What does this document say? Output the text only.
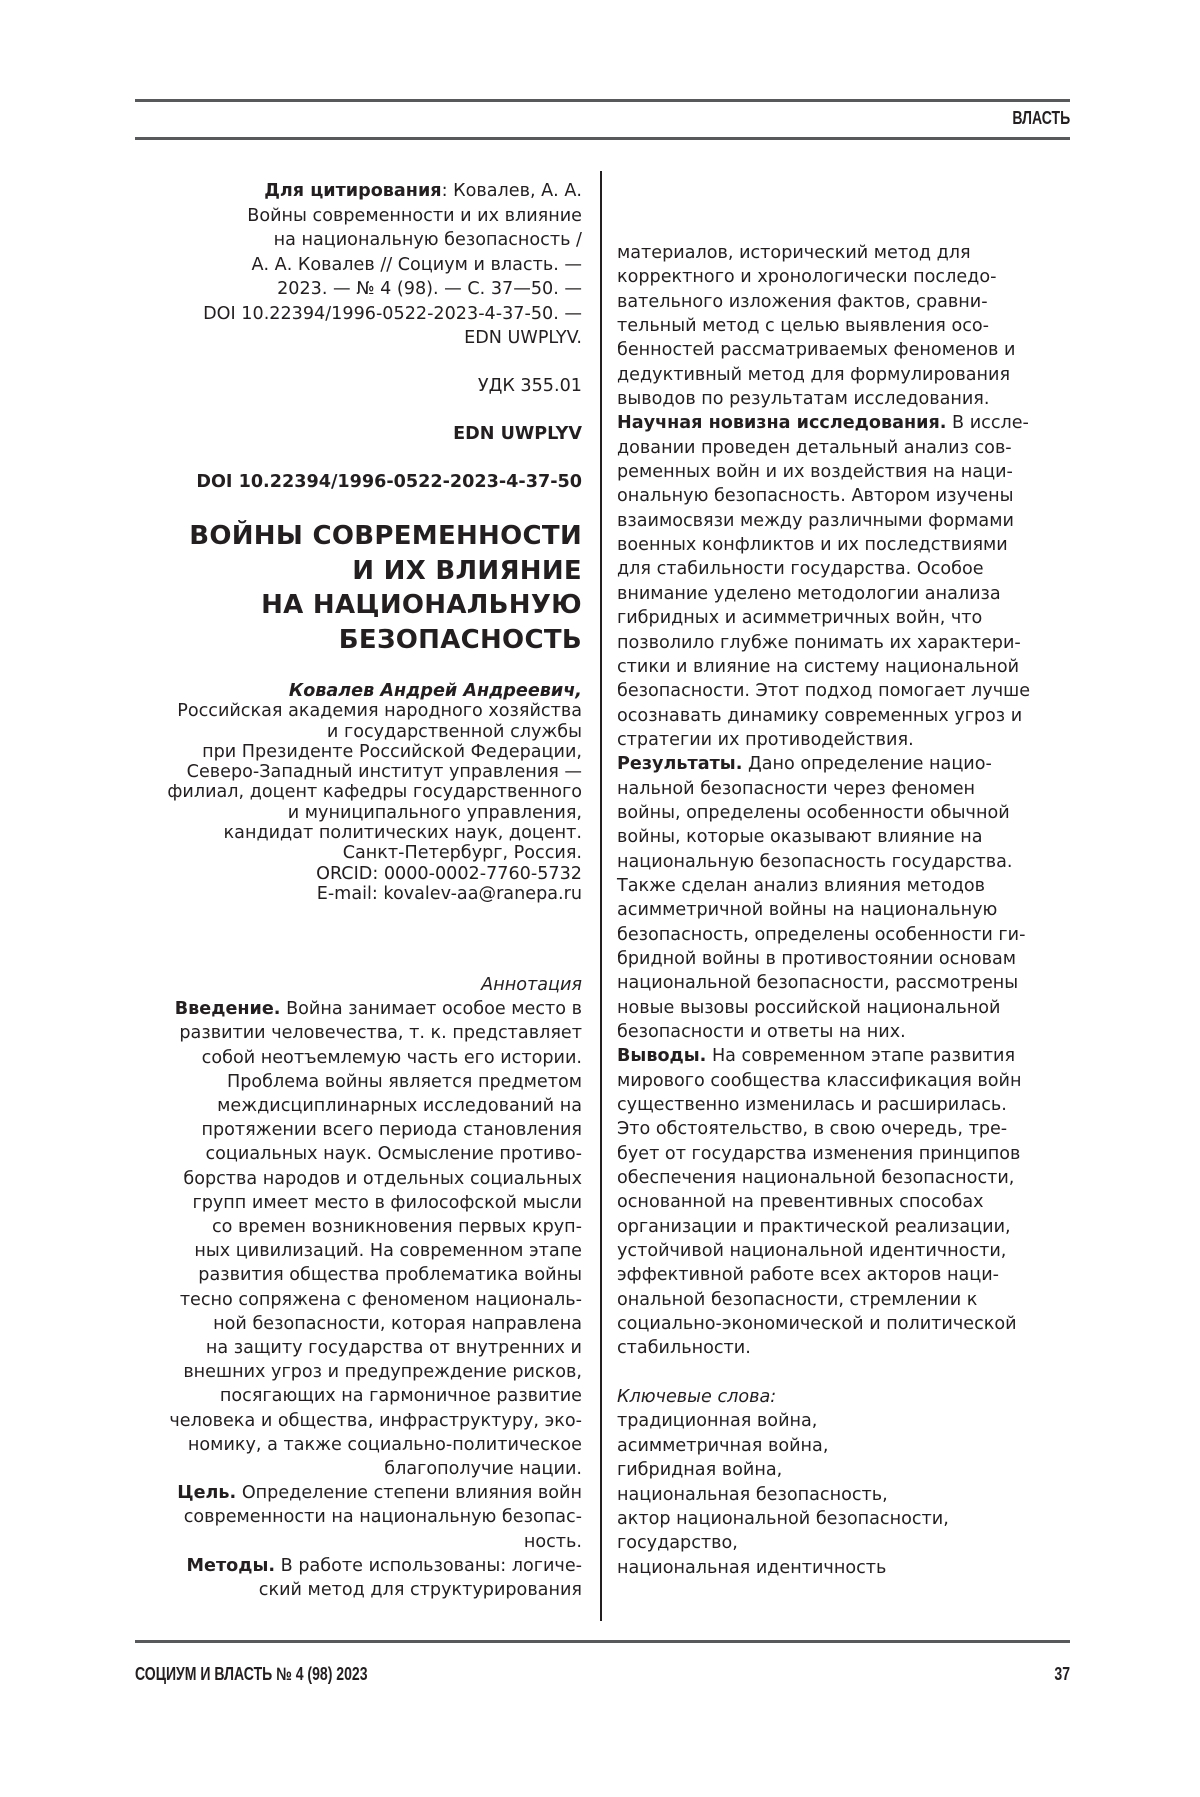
ВЛАСТЬ
Для цитирования: Ковалев, А. А.
Войны современности и их влияние
на национальную безопасность /
А. А. Ковалев // Социум и власть. —
2023. — № 4 (98). — С. 37—50. —
DOI 10.22394/1996-0522-2023-4-37-50. —
EDN UWPLYV.
УДК 355.01
EDN UWPLYV
DOI 10.22394/1996-0522-2023-4-37-50
ВОЙНЫ СОВРЕМЕННОСТИ
И ИХ ВЛИЯНИЕ
НА НАЦИОНАЛЬНУЮ
БЕЗОПАСНОСТЬ
Ковалев Андрей Андреевич,
Российская академия народного хозяйства
и государственной службы
при Президенте Российской Федерации,
Северо-Западный институт управления —
филиал, доцент кафедры государственного
и муниципального управления,
кандидат политических наук, доцент.
Санкт-Петербург, Россия.
ORCID: 0000-0002-7760-5732
E-mail: kovalev-aa@ranepa.ru
Аннотация
Введение. Война занимает особое место в
развитии человечества, т. к. представляет
собой неотъемлемую часть его истории.
Проблема войны является предметом
междисциплинарных исследований на
протяжении всего периода становления
социальных наук. Осмысление противо-
борства народов и отдельных социальных
групп имеет место в философской мысли
со времен возникновения первых круп-
ных цивилизаций. На современном этапе
развития общества проблематика войны
тесно сопряжена с феноменом националь-
ной безопасности, которая направлена
на защиту государства от внутренних и
внешних угроз и предупреждение рисков,
посягающих на гармоничное развитие
человека и общества, инфраструктуру, эко-
номику, а также социально-политическое
благополучие нации.
Цель. Определение степени влияния войн
современности на национальную безопас-
ность.
Методы. В работе использованы: логиче-
ский метод для структурирования
материалов, исторический метод для
корректного и хронологически последо-
вательного изложения фактов, сравни-
тельный метод с целью выявления осо-
бенностей рассматриваемых феноменов и
дедуктивный метод для формулирования
выводов по результатам исследования.
Научная новизна исследования. В иссле-
довании проведен детальный анализ сов-
ременных войн и их воздействия на наци-
ональную безопасность. Автором изучены
взаимосвязи между различными формами
военных конфликтов и их последствиями
для стабильности государства. Особое
внимание уделено методологии анализа
гибридных и асимметричных войн, что
позволило глубже понимать их характери-
стики и влияние на систему национальной
безопасности. Этот подход помогает лучше
осознавать динамику современных угроз и
стратегии их противодействия.
Результаты. Дано определение нацио-
нальной безопасности через феномен
войны, определены особенности обычной
войны, которые оказывают влияние на
национальную безопасность государства.
Также сделан анализ влияния методов
асимметричной войны на национальную
безопасность, определены особенности ги-
бридной войны в противостоянии основам
национальной безопасности, рассмотрены
новые вызовы российской национальной
безопасности и ответы на них.
Выводы. На современном этапе развития
мирового сообщества классификация войн
существенно изменилась и расширилась.
Это обстоятельство, в свою очередь, тре-
бует от государства изменения принципов
обеспечения национальной безопасности,
основанной на превентивных способах
организации и практической реализации,
устойчивой национальной идентичности,
эффективной работе всех акторов наци-
ональной безопасности, стремлении к
социально-экономической и политической
стабильности.
Ключевые слова:
традиционная война,
асимметричная война,
гибридная война,
национальная безопасность,
актор национальной безопасности,
государство,
национальная идентичность
СОЦИУМ И ВЛАСТЬ № 4 (98) 2023	37
